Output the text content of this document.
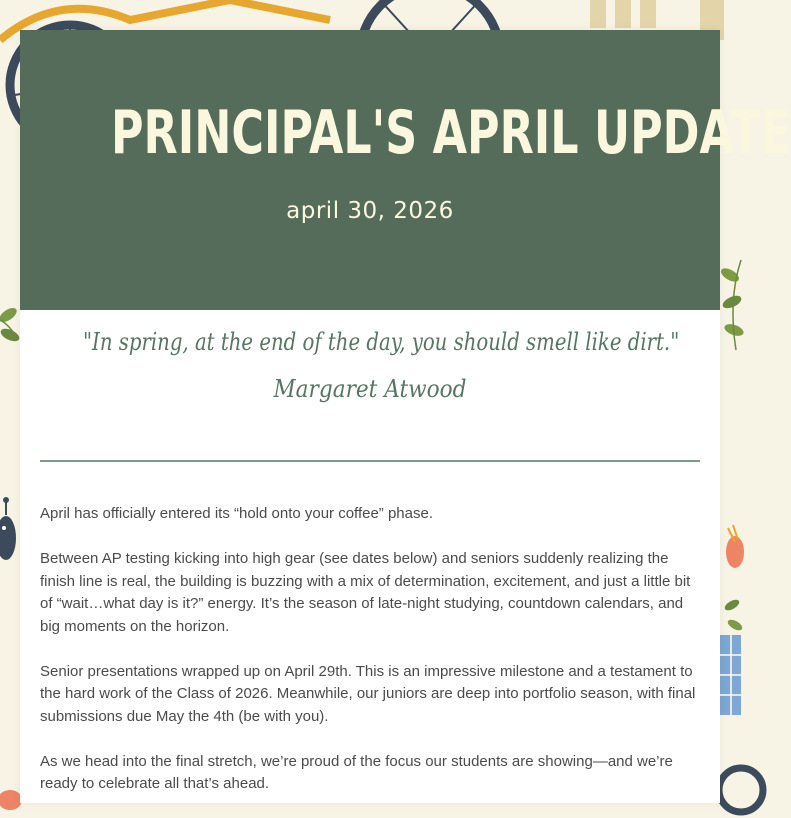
PRINCIPAL'S APRIL UPDATE
april 30, 2026
"In spring, at the end of the day, you should smell like dirt."
Margaret Atwood

April has officially entered its “hold onto your coffee” phase.

Between AP testing kicking into high gear (see dates below) and seniors suddenly realizing the finish line is real, the building is buzzing with a mix of determination, excitement, and just a little bit of “wait…what day is it?” energy. It’s the season of late-night studying, countdown calendars, and big moments on the horizon.

Senior presentations wrapped up on April 29th. This is an impressive milestone and a testament to the hard work of the Class of 2026. Meanwhile, our juniors are deep into portfolio season, with final submissions due May the 4th (be with you).

As we head into the final stretch, we’re proud of the focus our students are showing—and we’re ready to celebrate all that’s ahead.
